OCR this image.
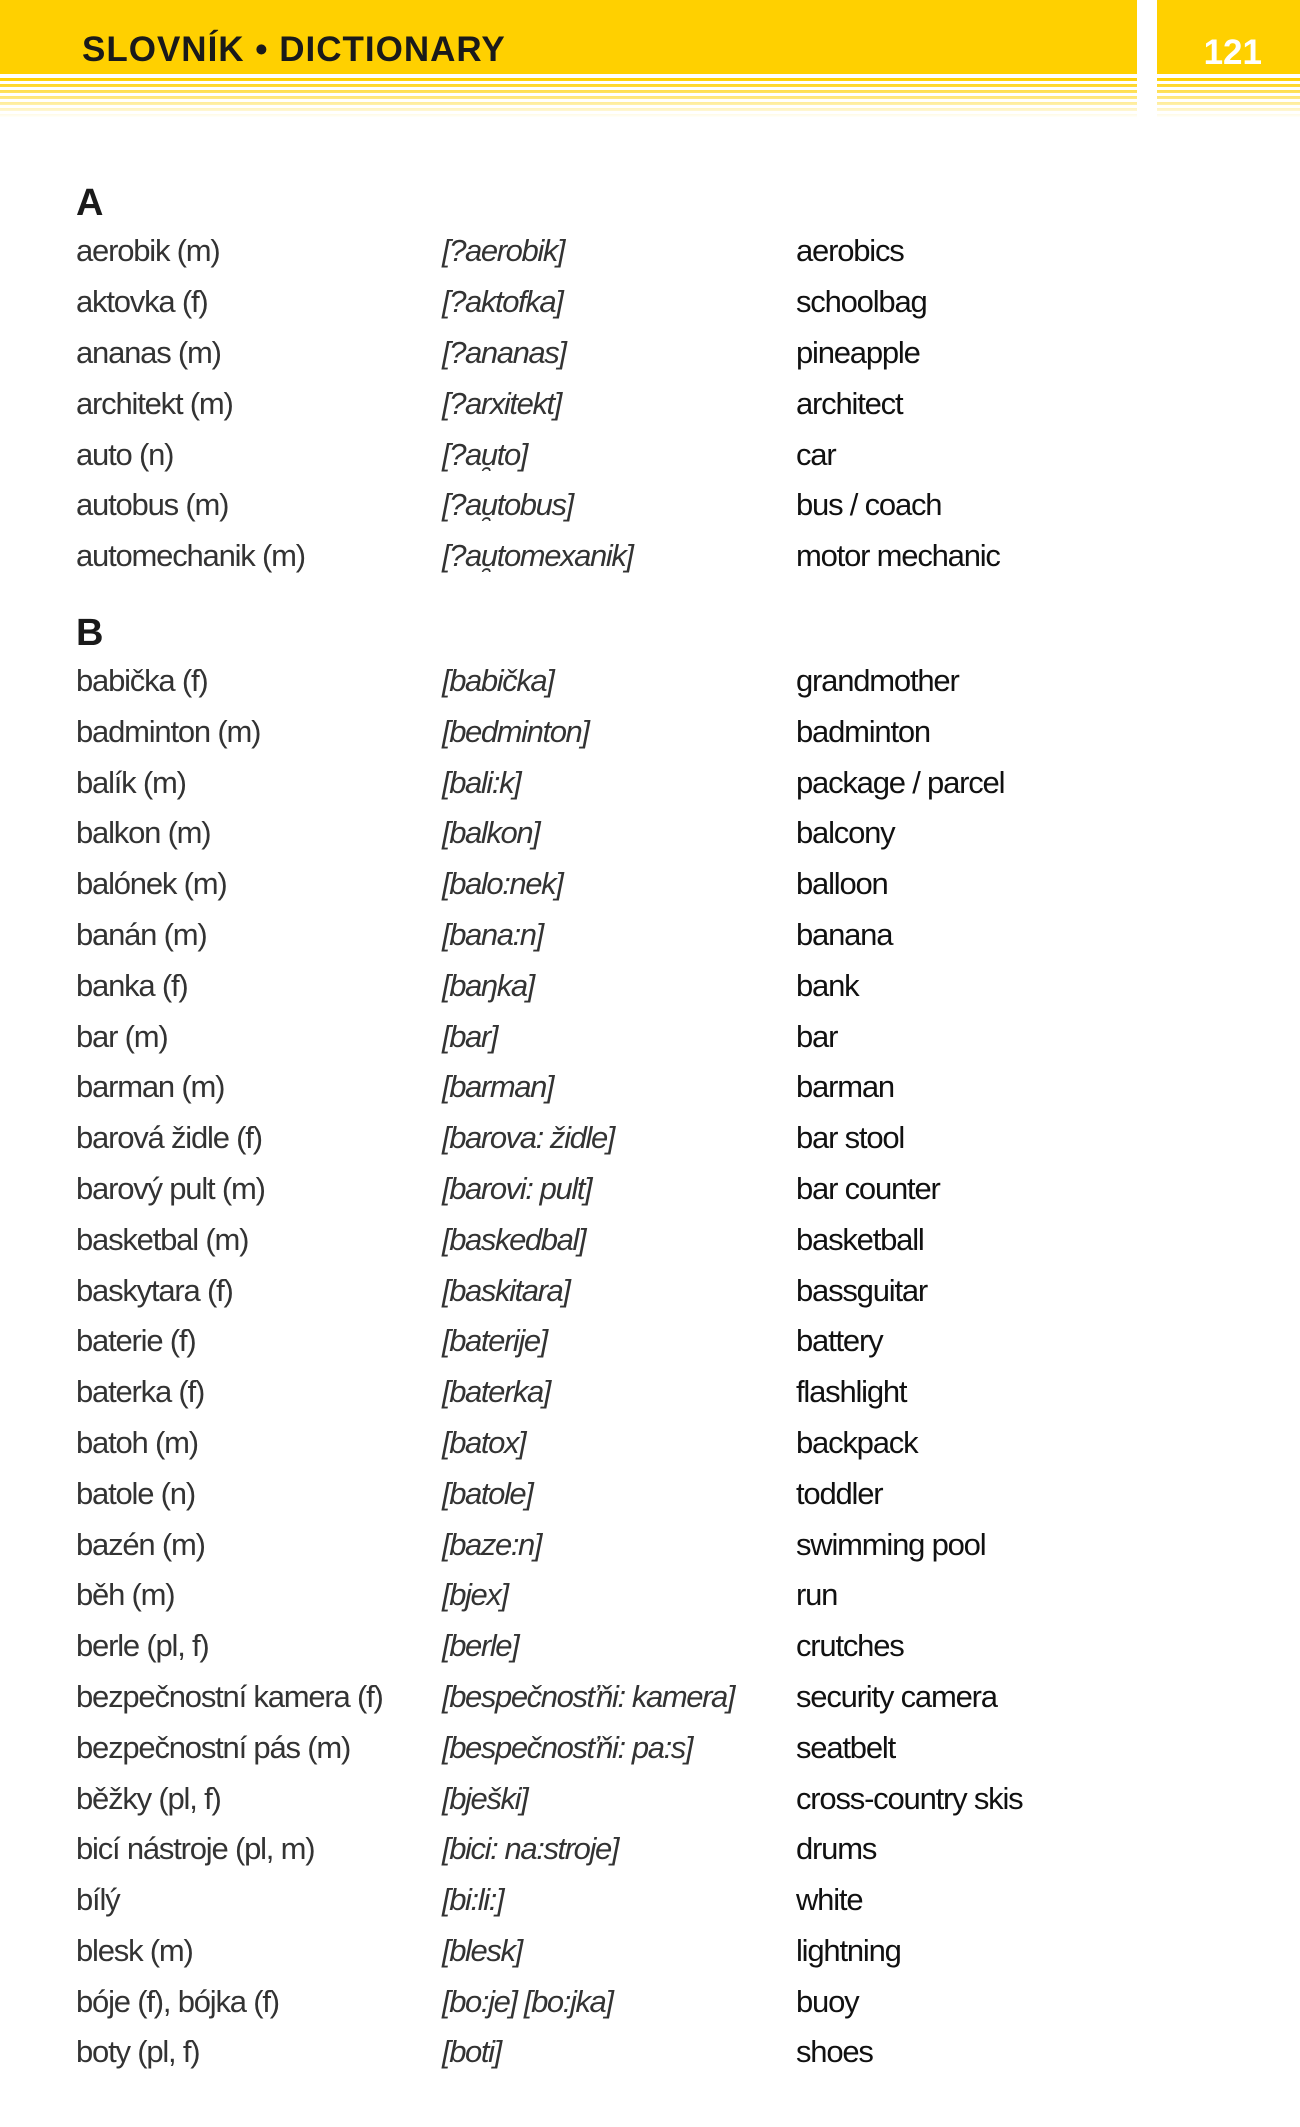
SLOVNÍK • DICTIONARY	121
A
aerobik (m)	[?aerobik]	aerobics
aktovka (f)	[?aktofka]	schoolbag
ananas (m)	[?ananas]	pineapple
architekt (m)	[?arxitekt]	architect
auto (n)	[?au̯to]	car
autobus (m)	[?au̯tobus]	bus / coach
automechanik (m)	[?au̯tomexanik]	motor mechanic
B
babička (f)	[babička]	grandmother
badminton (m)	[bedminton]	badminton
balík (m)	[bali:k]	package / parcel
balkon (m)	[balkon]	balcony
balónek (m)	[balo:nek]	balloon
banán (m)	[bana:n]	banana
banka (f)	[baŋka]	bank
bar (m)	[bar]	bar
barman (m)	[barman]	barman
barová židle (f)	[barova: židle]	bar stool
barový pult (m)	[barovi: pult]	bar counter
basketbal (m)	[baskedbal]	basketball
baskytara (f)	[baskitara]	bassguitar
baterie (f)	[baterije]	battery
baterka (f)	[baterka]	flashlight
batoh (m)	[batox]	backpack
batole (n)	[batole]	toddler
bazén (m)	[baze:n]	swimming pool
běh (m)	[bjex]	run
berle (pl, f)	[berle]	crutches
bezpečnostní kamera (f)	[bespečnosťňi: kamera]	security camera
bezpečnostní pás (m)	[bespečnosťňi: pa:s]	seatbelt
běžky (pl, f)	[bješki]	cross-country skis
bicí nástroje (pl, m)	[bici: na:stroje]	drums
bílý	[bi:li:]	white
blesk (m)	[blesk]	lightning
bóje (f), bójka (f)	[bo:je] [bo:jka]	buoy
boty (pl, f)	[boti]	shoes
